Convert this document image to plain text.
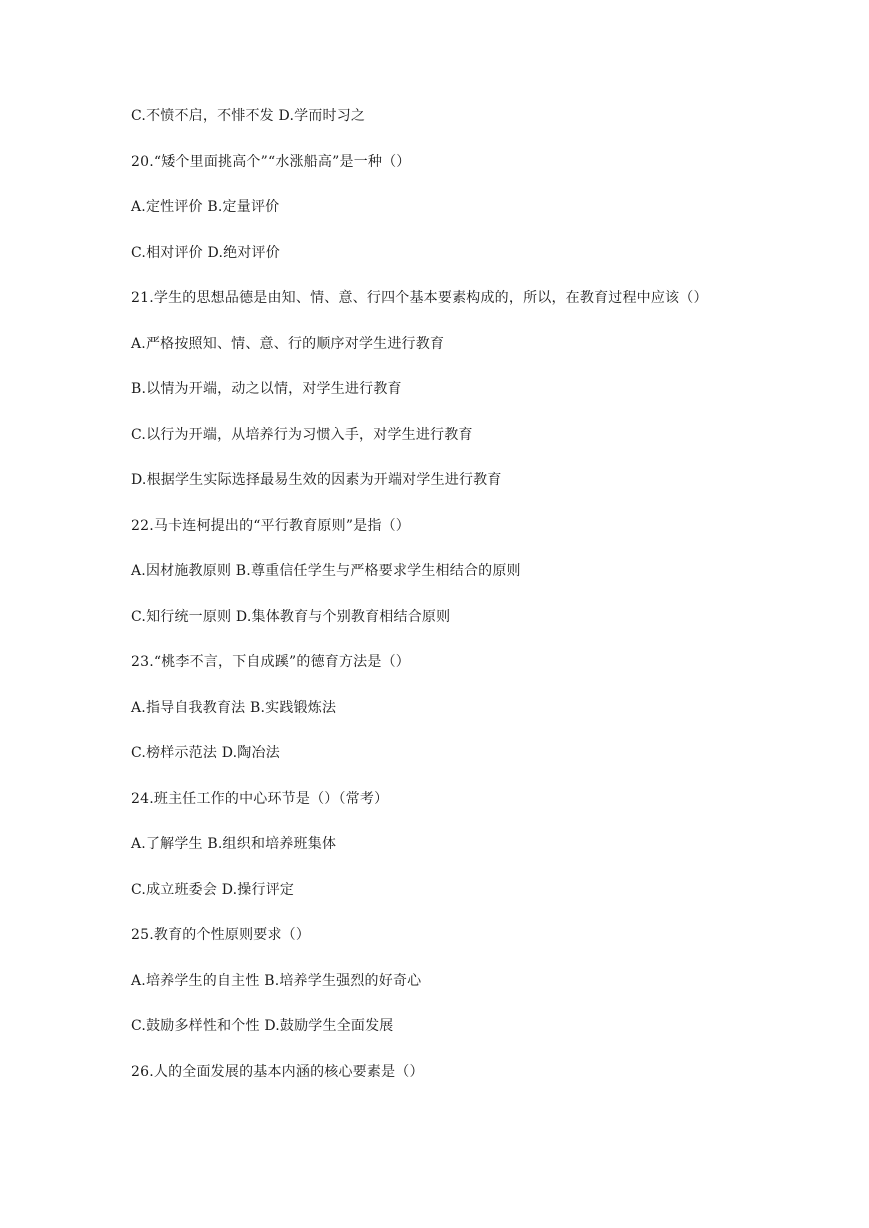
C.不愤不启，不悱不发 D.学而时习之
20.“矮个里面挑高个”“水涨船高”是一种（）
A.定性评价 B.定量评价
C.相对评价 D.绝对评价
21.学生的思想品德是由知、情、意、行四个基本要素构成的，所以，在教育过程中应该（）
A.严格按照知、情、意、行的顺序对学生进行教育
B.以情为开端，动之以情，对学生进行教育
C.以行为开端，从培养行为习惯入手，对学生进行教育
D.根据学生实际选择最易生效的因素为开端对学生进行教育
22.马卡连柯提出的“平行教育原则”是指（）
A.因材施教原则 B.尊重信任学生与严格要求学生相结合的原则
C.知行统一原则 D.集体教育与个别教育相结合原则
23.“桃李不言，下自成蹊”的德育方法是（）
A.指导自我教育法 B.实践锻炼法
C.榜样示范法 D.陶冶法
24.班主任工作的中心环节是（）（常考）
A.了解学生 B.组织和培养班集体
C.成立班委会 D.操行评定
25.教育的个性原则要求（）
A.培养学生的自主性 B.培养学生强烈的好奇心
C.鼓励多样性和个性 D.鼓励学生全面发展
26.人的全面发展的基本内涵的核心要素是（）
